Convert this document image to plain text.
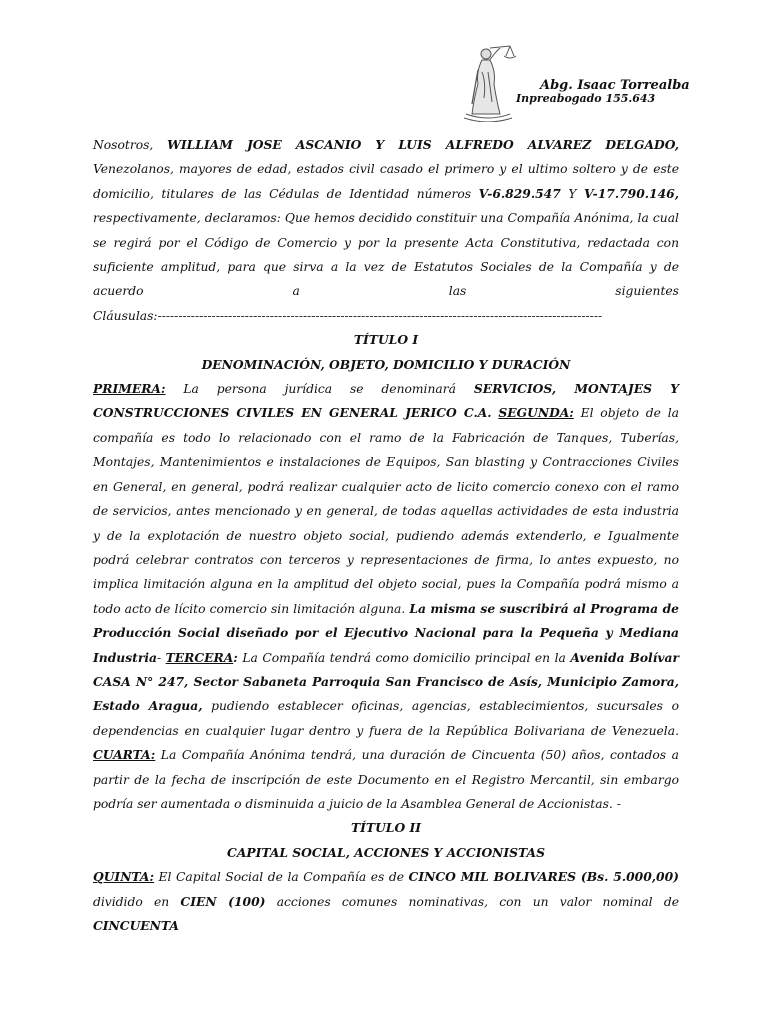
Abg. Isaac Torrealba
Inpreabogado 155.643

Nosotros, WILLIAM JOSE ASCANIO Y LUIS ALFREDO ALVAREZ DELGADO, Venezolanos, mayores de edad, estados civil casado el primero y el ultimo soltero y de este domicilio, titulares de las Cédulas de Identidad números V-6.829.547 Y V-17.790.146, respectivamente, declaramos: Que hemos decidido constituir una Compañía Anónima, la cual se regirá por el Código de Comercio y por la presente Acta Constitutiva, redactada con suficiente amplitud, para que sirva a la vez de Estatutos Sociales de la Compañía y de acuerdo a las siguientes Cláusulas:-----------------------------------------------------------------------------------------------------------

TÍTULO I

DENOMINACIÓN, OBJETO, DOMICILIO Y DURACIÓN

PRIMERA: La persona jurídica se denominará SERVICIOS, MONTAJES Y CONSTRUCCIONES CIVILES EN GENERAL JERICO C.A. SEGUNDA: El objeto de la compañía es todo lo relacionado con el ramo de la Fabricación de Tanques, Tuberías, Montajes, Mantenimientos e instalaciones de Equipos, San blasting y Contracciones Civiles en General, en general, podrá realizar cualquier acto de licito comercio conexo con el ramo de servicios, antes mencionado y en general, de todas aquellas actividades de esta industria y de la explotación de nuestro objeto social, pudiendo además extenderlo, e Igualmente podrá celebrar contratos con terceros y representaciones de firma, lo antes expuesto, no implica limitación alguna en la amplitud del objeto social, pues la Compañía podrá mismo a todo acto de lícito comercio sin limitación alguna. La misma se suscribirá al Programa de Producción Social diseñado por el Ejecutivo Nacional para la Pequeña y Mediana Industria- TERCERA: La Compañía tendrá como domicilio principal en la Avenida Bolívar CASA N° 247, Sector Sabaneta Parroquia San Francisco de Asís, Municipio Zamora, Estado Aragua, pudiendo establecer oficinas, agencias, establecimientos, sucursales o dependencias en cualquier lugar dentro y fuera de la República Bolivariana de Venezuela. CUARTA: La Compañía Anónima tendrá, una duración de Cincuenta (50) años, contados a partir de la fecha de inscripción de este Documento en el Registro Mercantil, sin embargo podría ser aumentada o disminuida a juicio de la Asamblea General de Accionistas. -

TÍTULO II

CAPITAL SOCIAL, ACCIONES Y ACCIONISTAS

QUINTA: El Capital Social de la Compañía es de CINCO MIL BOLIVARES (Bs. 5.000,00) dividido en CIEN (100) acciones comunes nominativas, con un valor nominal de CINCUENTA
